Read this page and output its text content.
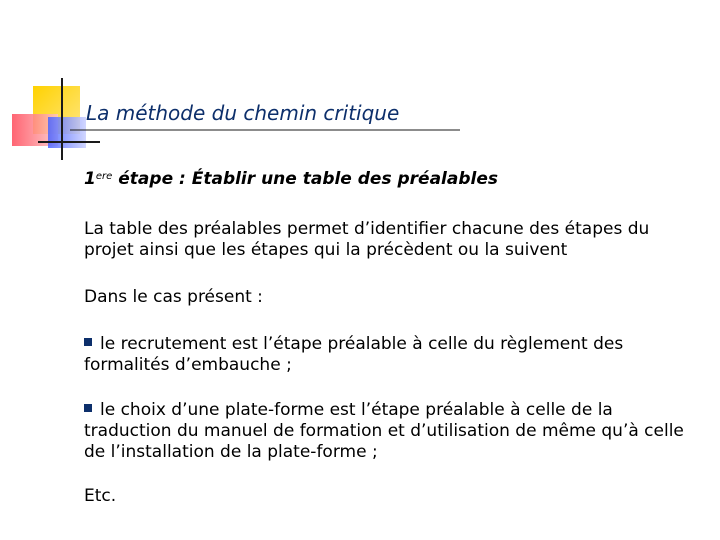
La méthode du chemin critique
1ere étape : Établir une table des préalables

La table des préalables permet d’identifier chacune des étapes du projet ainsi que les étapes qui la précèdent ou la suivent

Dans le cas présent :

le recrutement est l’étape préalable à celle du règlement des formalités d’embauche ;

le choix d’une plate-forme est l’étape préalable à celle de la traduction du manuel de formation et d’utilisation de même qu’à celle de l’installation de la plate-forme ;

Etc.
